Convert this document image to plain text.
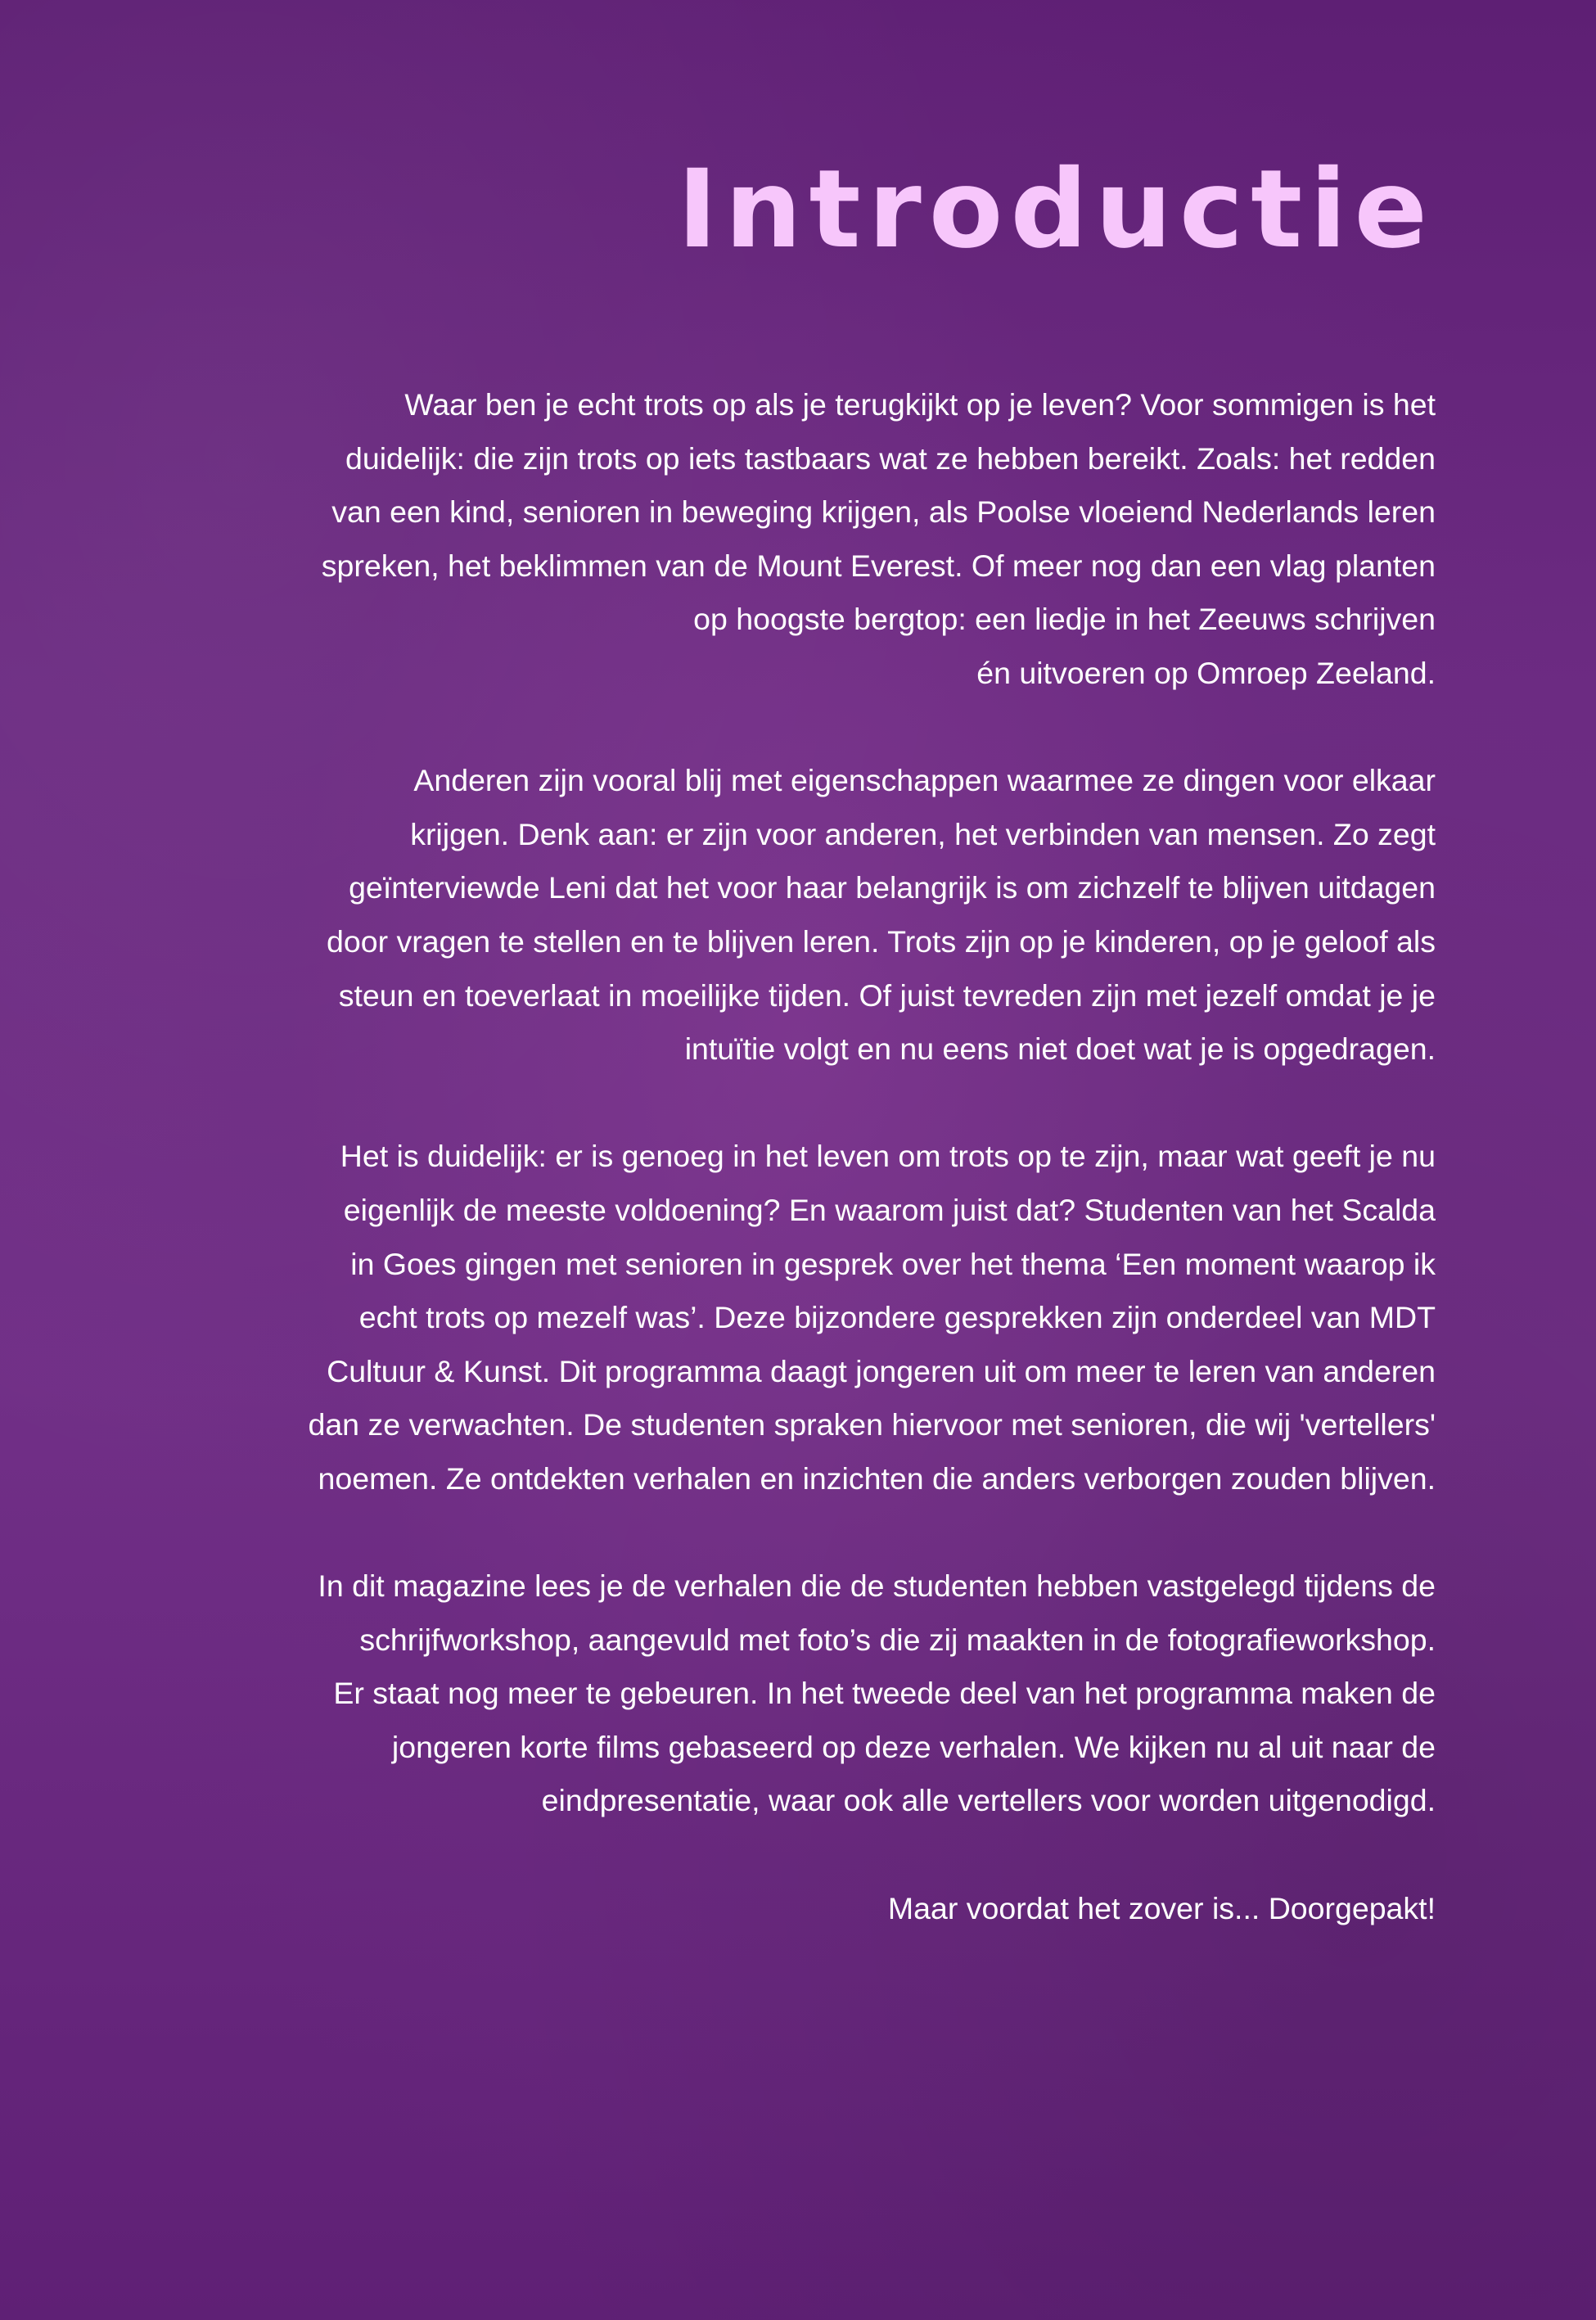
Introductie

Waar ben je echt trots op als je terugkijkt op je leven? Voor sommigen is het
duidelijk: die zijn trots op iets tastbaars wat ze hebben bereikt. Zoals: het redden
van een kind, senioren in beweging krijgen, als Poolse vloeiend Nederlands leren
spreken, het beklimmen van de Mount Everest. Of meer nog dan een vlag planten
op hoogste bergtop: een liedje in het Zeeuws schrijven
én uitvoeren op Omroep Zeeland.

Anderen zijn vooral blij met eigenschappen waarmee ze dingen voor elkaar
krijgen. Denk aan: er zijn voor anderen, het verbinden van mensen. Zo zegt
geïnterviewde Leni dat het voor haar belangrijk is om zichzelf te blijven uitdagen
door vragen te stellen en te blijven leren. Trots zijn op je kinderen, op je geloof als
steun en toeverlaat in moeilijke tijden. Of juist tevreden zijn met jezelf omdat je je
intuïtie volgt en nu eens niet doet wat je is opgedragen.

Het is duidelijk: er is genoeg in het leven om trots op te zijn, maar wat geeft je nu
eigenlijk de meeste voldoening? En waarom juist dat? Studenten van het Scalda
in Goes gingen met senioren in gesprek over het thema ‘Een moment waarop ik
echt trots op mezelf was’. Deze bijzondere gesprekken zijn onderdeel van MDT
Cultuur & Kunst. Dit programma daagt jongeren uit om meer te leren van anderen
dan ze verwachten. De studenten spraken hiervoor met senioren, die wij 'vertellers'
noemen. Ze ontdekten verhalen en inzichten die anders verborgen zouden blijven.

In dit magazine lees je de verhalen die de studenten hebben vastgelegd tijdens de
schrijfworkshop, aangevuld met foto’s die zij maakten in de fotografieworkshop.
Er staat nog meer te gebeuren. In het tweede deel van het programma maken de
jongeren korte films gebaseerd op deze verhalen. We kijken nu al uit naar de
eindpresentatie, waar ook alle vertellers voor worden uitgenodigd.

Maar voordat het zover is... Doorgepakt!
